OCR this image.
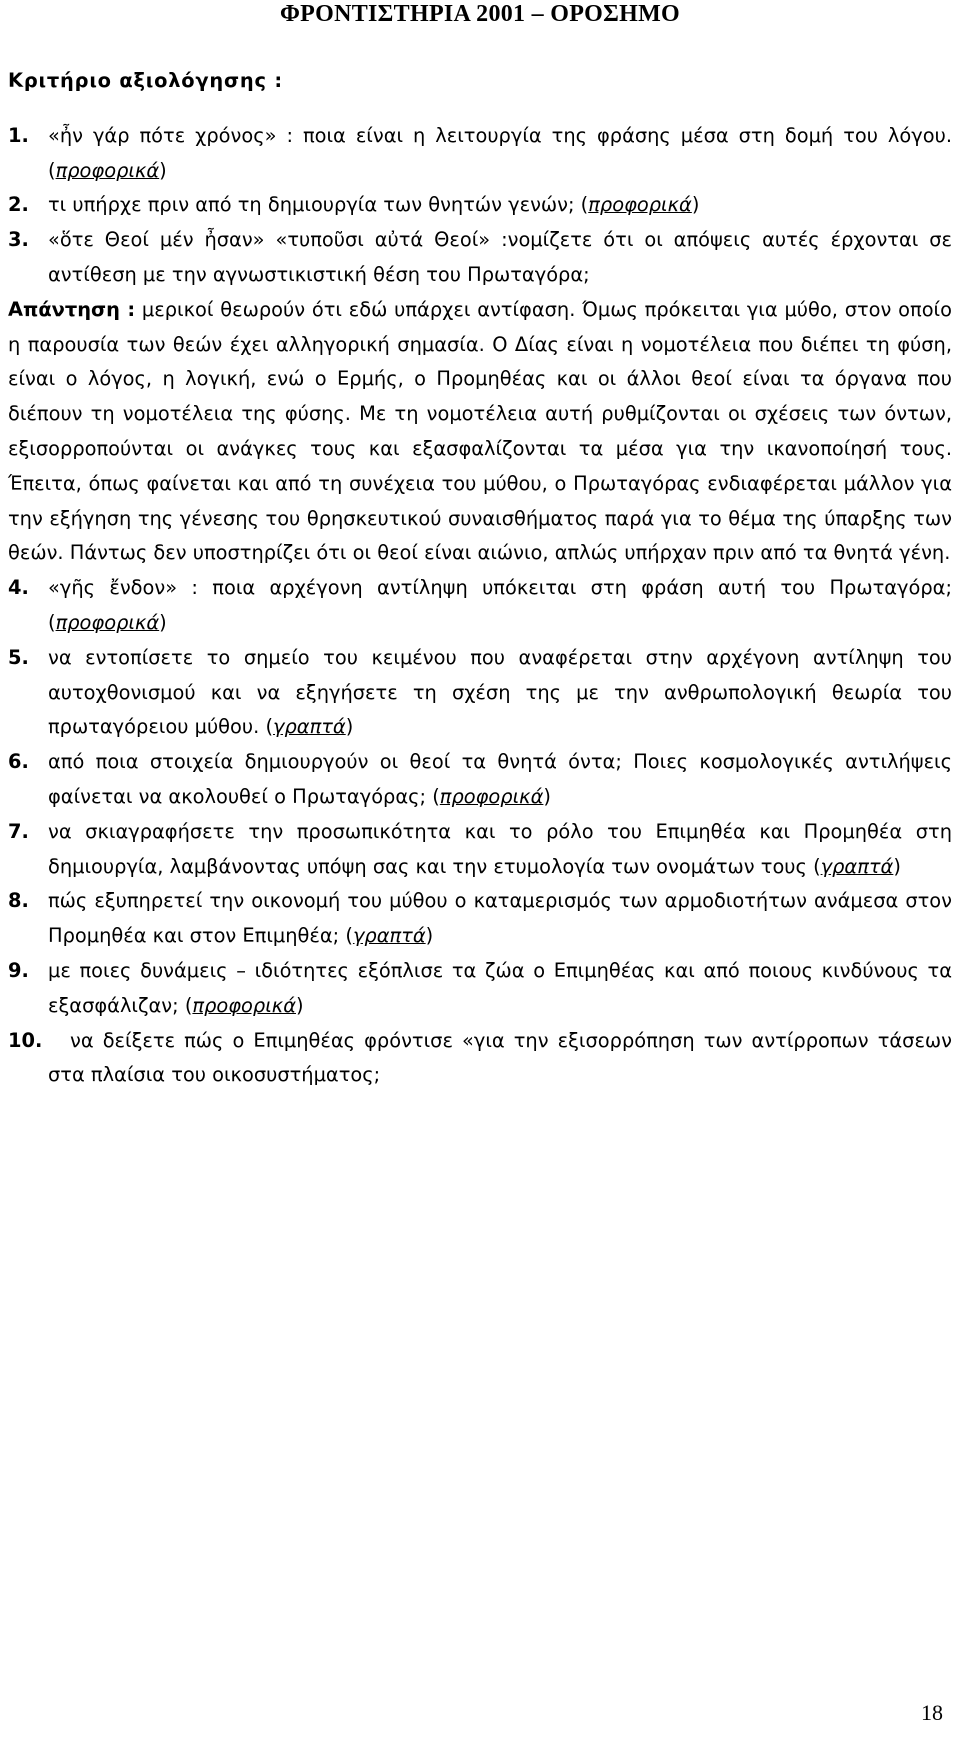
ΦΡΟΝΤΙΣΤΗΡΙΑ 2001 – ΟΡΟΣΗΜΟ
Κριτήριο αξιολόγησης :
1. «ἦν γάρ πότε χρόνος» : ποια είναι η λειτουργία της φράσης μέσα στη δομή του λόγου. (προφορικά)
2. τι υπήρχε πριν από τη δημιουργία των θνητών γενών; (προφορικά)
3. «ὅτε Θεοί μέν ἦσαν» «τυποῦσι αὐτά Θεοί» :νομίζετε ότι οι απόψεις αυτές έρχονται σε αντίθεση με την αγνωστικιστική θέση του Πρωταγόρα;
Απάντηση : μερικοί θεωρούν ότι εδώ υπάρχει αντίφαση. Όμως πρόκειται για μύθο, στον οποίο η παρουσία των θεών έχει αλληγορική σημασία. Ο Δίας είναι η νομοτέλεια που διέπει τη φύση, είναι ο λόγος, η λογική, ενώ ο Ερμής, ο Προμηθέας και οι άλλοι θεοί είναι τα όργανα που διέπουν τη νομοτέλεια της φύσης. Με τη νομοτέλεια αυτή ρυθμίζονται οι σχέσεις των όντων, εξισορροπούνται οι ανάγκες τους και εξασφαλίζονται τα μέσα για την ικανοποίησή τους. Έπειτα, όπως φαίνεται και από τη συνέχεια του μύθου, ο Πρωταγόρας ενδιαφέρεται μάλλον για την εξήγηση της γένεσης του θρησκευτικού συναισθήματος παρά για το θέμα της ύπαρξης των θεών. Πάντως δεν υποστηρίζει ότι οι θεοί είναι αιώνιο, απλώς υπήρχαν πριν από τα θνητά γένη.
4. «γῆς ἔνδον» : ποια αρχέγονη αντίληψη υπόκειται στη φράση αυτή του Πρωταγόρα; (προφορικά)
5. να εντοπίσετε το σημείο του κειμένου που αναφέρεται στην αρχέγονη αντίληψη του αυτοχθονισμού και να εξηγήσετε τη σχέση της με την ανθρωπολογική θεωρία του πρωταγόρειου μύθου. (γραπτά)
6. από ποια στοιχεία δημιουργούν οι θεοί τα θνητά όντα; Ποιες κοσμολογικές αντιλήψεις φαίνεται να ακολουθεί ο Πρωταγόρας; (προφορικά)
7. να σκιαγραφήσετε την προσωπικότητα και το ρόλο του Επιμηθέα και Προμηθέα στη δημιουργία, λαμβάνοντας υπόψη σας και την ετυμολογία των ονομάτων τους (γραπτά)
8. πώς εξυπηρετεί την οικονομή του μύθου ο καταμερισμός των αρμοδιοτήτων ανάμεσα στον Προμηθέα και στον Επιμηθέα; (γραπτά)
9. με ποιες δυνάμεις – ιδιότητες εξόπλισε τα ζώα ο Επιμηθέας και από ποιους κινδύνους τα εξασφάλιζαν; (προφορικά)
10.	να δείξετε πώς ο Επιμηθέας φρόντισε «για την εξισορρόπηση των αντίρροπων τάσεων στα πλαίσια του οικοσυστήματος;
18
